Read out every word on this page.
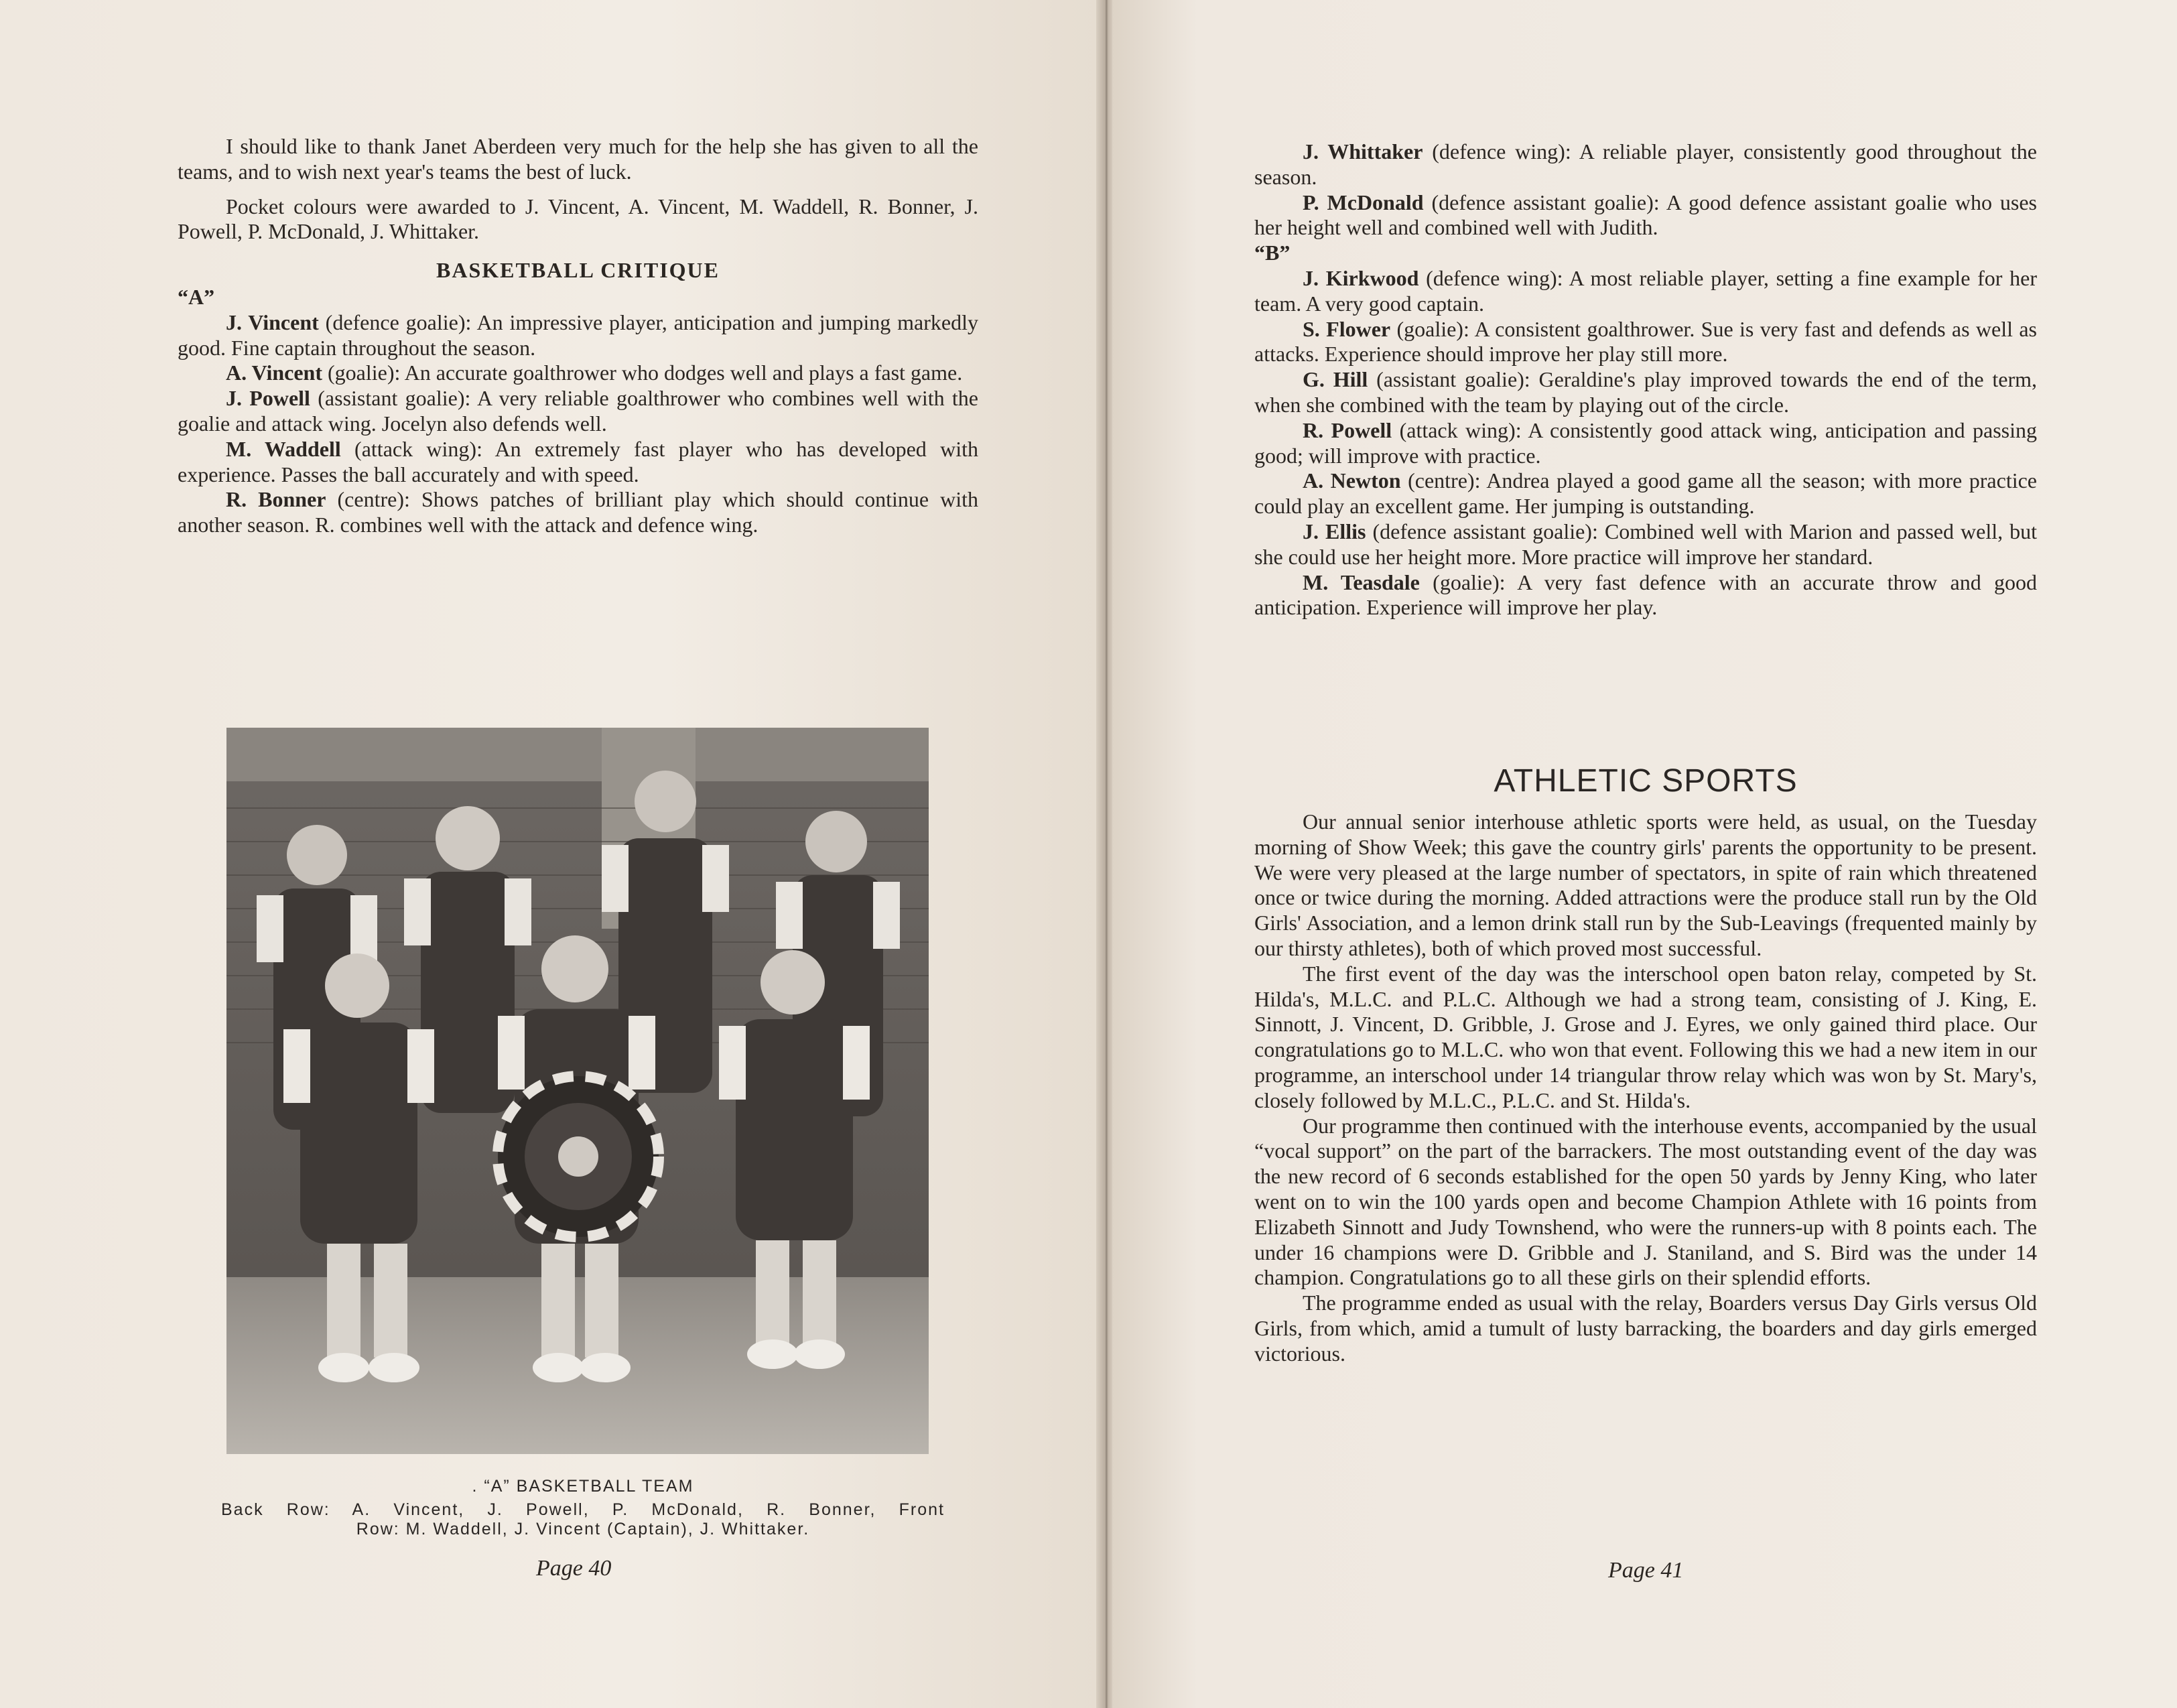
I should like to thank Janet Aberdeen very much for the help she has given to all the teams, and to wish next year's teams the best of luck.

Pocket colours were awarded to J. Vincent, A. Vincent, M. Waddell, R. Bonner, J. Powell, P. McDonald, J. Whittaker.

BASKETBALL CRITIQUE

“A”

J. Vincent (defence goalie): An impressive player, anticipation and jumping markedly good. Fine captain throughout the season.

A. Vincent (goalie): An accurate goalthrower who dodges well and plays a fast game.

J. Powell (assistant goalie): A very reliable goalthrower who combines well with the goalie and attack wing. Jocelyn also defends well.

M. Waddell (attack wing): An extremely fast player who has developed with experience. Passes the ball accurately and with speed.

R. Bonner (centre): Shows patches of brilliant play which should continue with another season. R. combines well with the attack and defence wing.

. “A” BASKETBALL TEAM
Back Row: A. Vincent, J. Powell, P. McDonald, R. Bonner, Front
Row: M. Waddell, J. Vincent (Captain), J. Whittaker.
Page 40

J. Whittaker (defence wing): A reliable player, consistently good throughout the season.

P. McDonald (defence assistant goalie): A good defence assistant goalie who uses her height well and combined well with Judith.

“B”

J. Kirkwood (defence wing): A most reliable player, setting a fine example for her team. A very good captain.

S. Flower (goalie): A consistent goalthrower. Sue is very fast and defends as well as attacks. Experience should improve her play still more.

G. Hill (assistant goalie): Geraldine's play improved towards the end of the term, when she combined with the team by playing out of the circle.

R. Powell (attack wing): A consistently good attack wing, anticipation and passing good; will improve with practice.

A. Newton (centre): Andrea played a good game all the season; with more practice could play an excellent game. Her jumping is outstanding.

J. Ellis (defence assistant goalie): Combined well with Marion and passed well, but she could use her height more. More practice will improve her standard.

M. Teasdale (goalie): A very fast defence with an accurate throw and good anticipation. Experience will improve her play.

ATHLETIC SPORTS

Our annual senior interhouse athletic sports were held, as usual, on the Tuesday morning of Show Week; this gave the country girls' parents the opportunity to be present. We were very pleased at the large number of spectators, in spite of rain which threatened once or twice during the morning. Added attractions were the produce stall run by the Old Girls' Association, and a lemon drink stall run by the Sub-Leavings (frequented mainly by our thirsty athletes), both of which proved most successful.

The first event of the day was the interschool open baton relay, competed by St. Hilda's, M.L.C. and P.L.C. Although we had a strong team, consisting of J. King, E. Sinnott, J. Vincent, D. Gribble, J. Grose and J. Eyres, we only gained third place. Our congratulations go to M.L.C. who won that event. Following this we had a new item in our programme, an interschool under 14 triangular throw relay which was won by St. Mary's, closely followed by M.L.C., P.L.C. and St. Hilda's.

Our programme then continued with the interhouse events, accompanied by the usual “vocal support” on the part of the barrackers. The most outstanding event of the day was the new record of 6 seconds established for the open 50 yards by Jenny King, who later went on to win the 100 yards open and become Champion Athlete with 16 points from Elizabeth Sinnott and Judy Townshend, who were the runners-up with 8 points each. The under 16 champions were D. Gribble and J. Staniland, and S. Bird was the under 14 champion. Congratulations go to all these girls on their splendid efforts.

The programme ended as usual with the relay, Boarders versus Day Girls versus Old Girls, from which, amid a tumult of lusty barracking, the boarders and day girls emerged victorious.

Page 41
